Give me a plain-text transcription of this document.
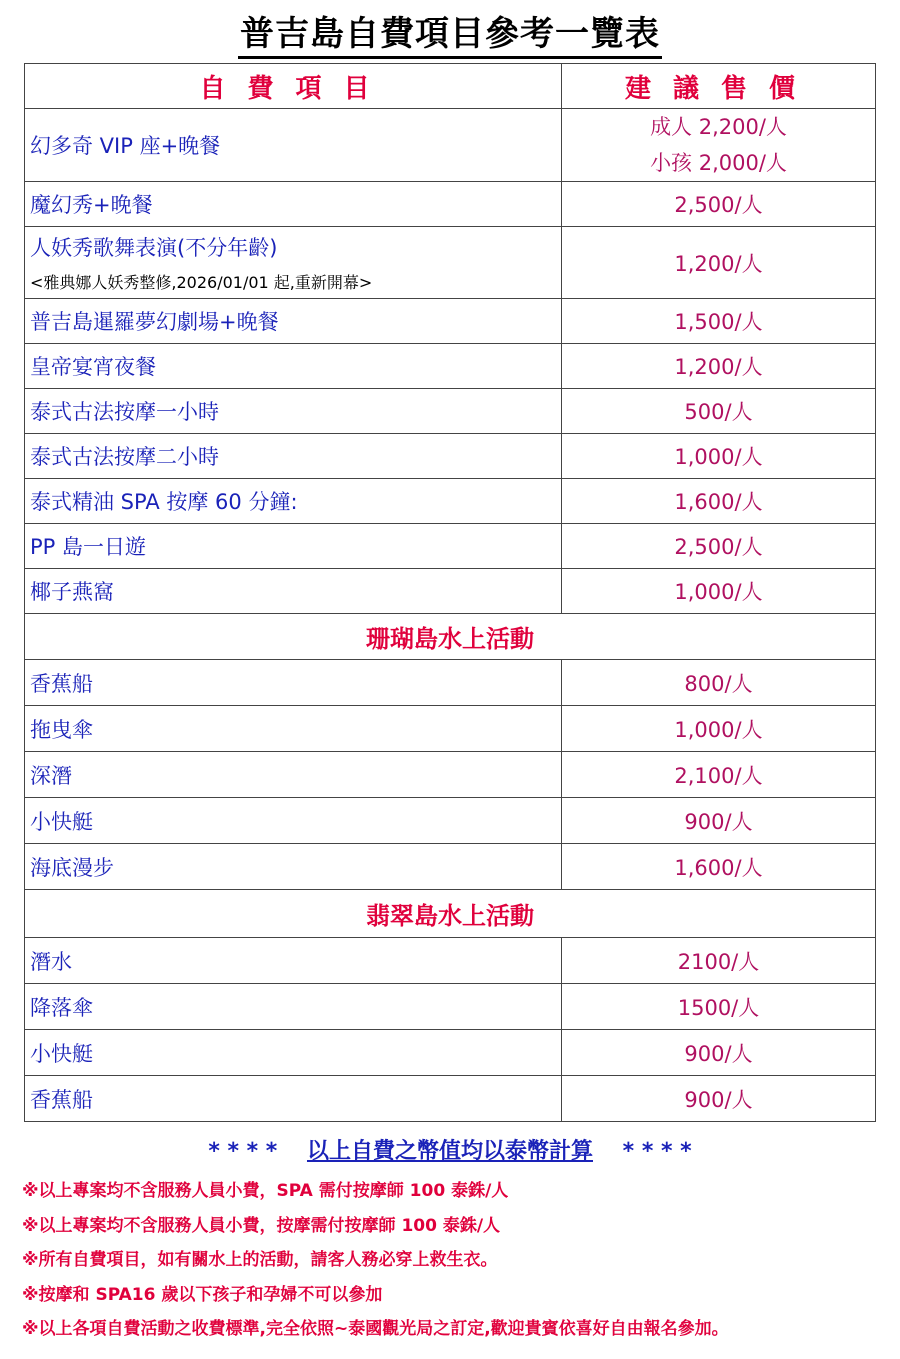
普吉島自費項目參考一覽表
自費項目	建議售價
幻多奇 VIP 座+晚餐	成人 2,200/人
小孩 2,000/人

魔幻秀+晚餐	2,500/人
人妖秀歌舞表演(不分年齡)
<雅典娜人妖秀整修,2026/01/01 起,重新開幕>	1,200/人
普吉島暹羅夢幻劇場+晚餐	1,500/人
皇帝宴宵夜餐	1,200/人
泰式古法按摩一小時	500/人
泰式古法按摩二小時	1,000/人
泰式精油 SPA 按摩 60 分鐘:	1,600/人
PP 島一日遊	2,500/人
椰子燕窩	1,000/人
珊瑚島水上活動	
香蕉船	800/人
拖曳傘	1,000/人
深潛	2,100/人
小快艇	900/人
海底漫步	1,600/人
翡翠島水上活動	
潛水	2100/人
降落傘	1500/人
小快艇	900/人
香蕉船	900/人
* * * * 以上自費之幣值均以泰幣計算 * * * *
※以上專案均不含服務人員小費，SPA 需付按摩師 100 泰銖/人
※以上專案均不含服務人員小費，按摩需付按摩師 100 泰銖/人
※所有自費項目，如有關水上的活動，請客人務必穿上救生衣。
※按摩和 SPA16 歲以下孩子和孕婦不可以參加
※以上各項自費活動之收費標準,完全依照~泰國觀光局之訂定,歡迎貴賓依喜好自由報名參加。
